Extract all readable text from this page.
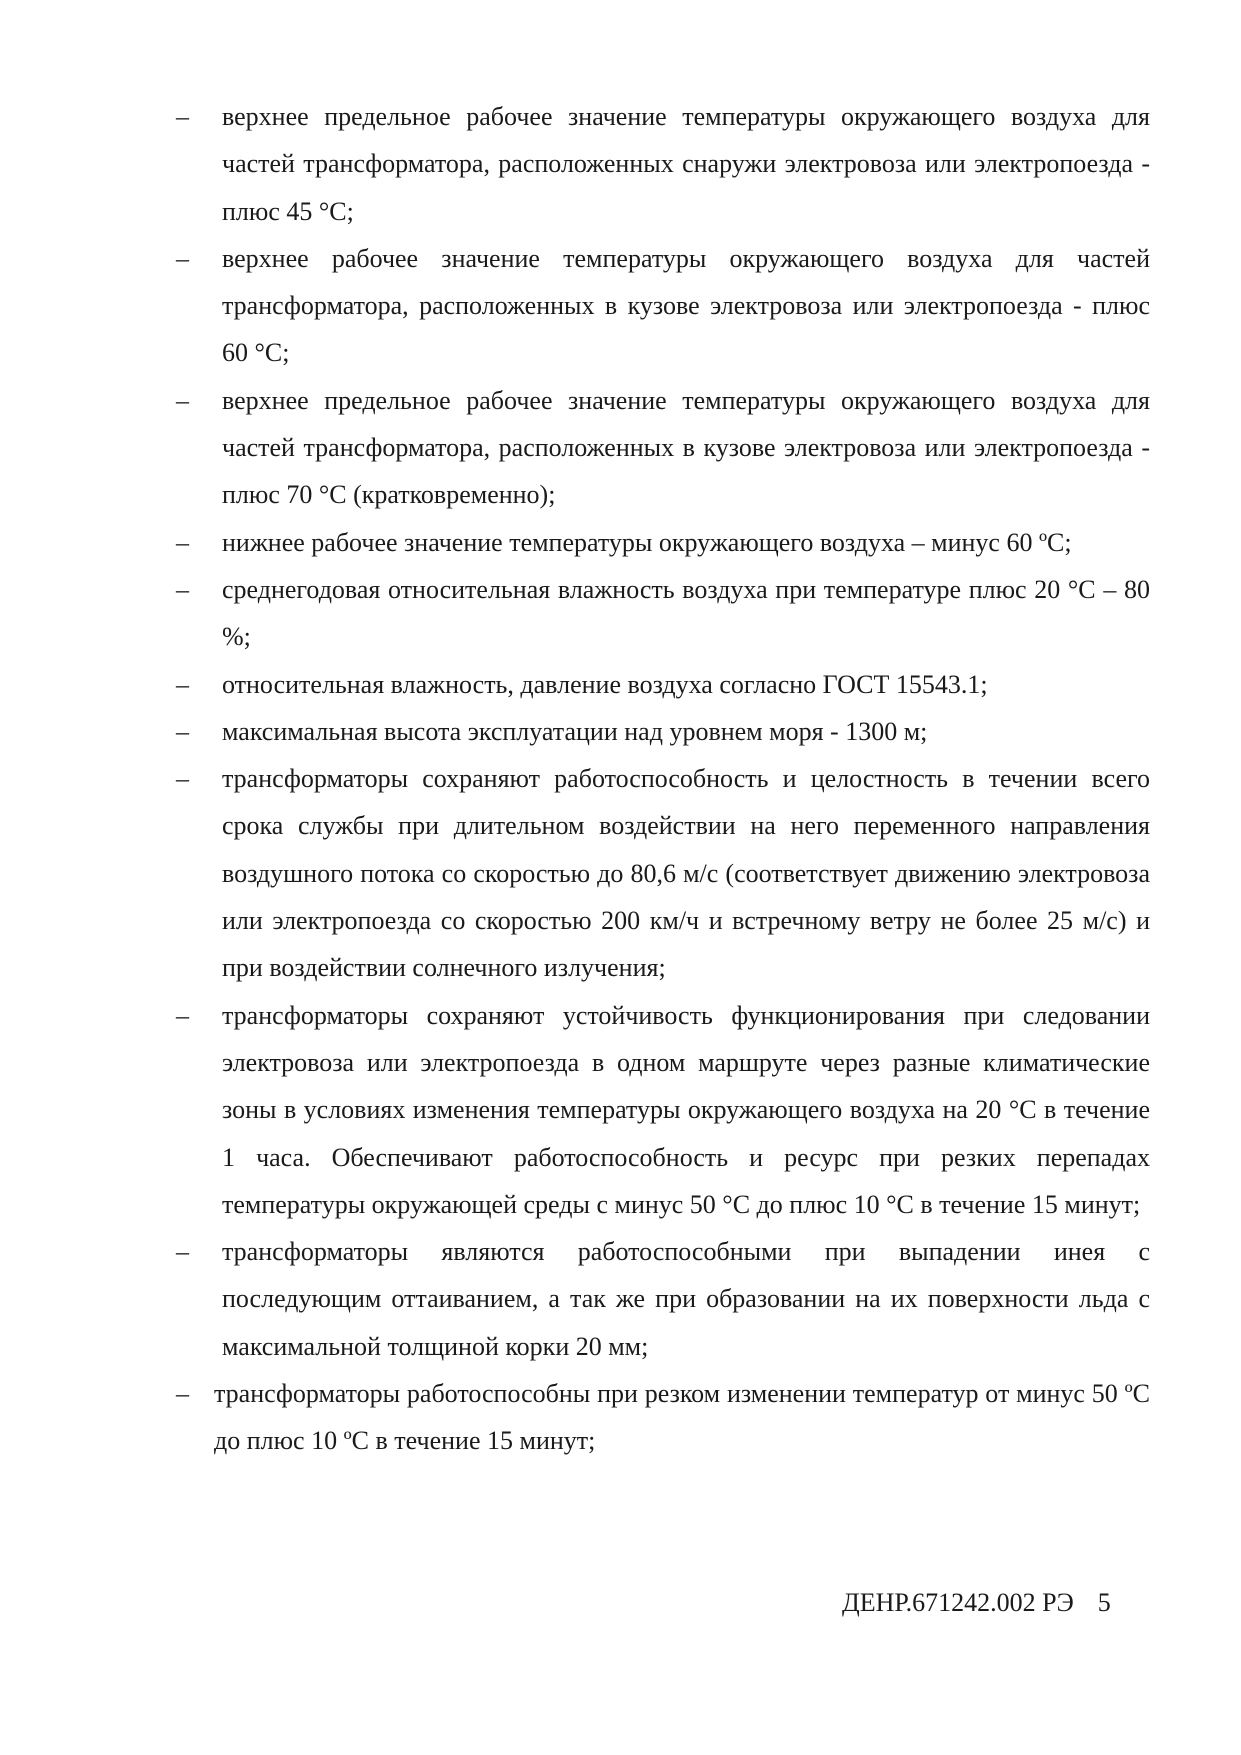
– верхнее предельное рабочее значение температуры окружающего воздуха для частей трансформатора, расположенных снаружи электровоза или электропоезда - плюс 45 °С;
– верхнее рабочее значение температуры окружающего воздуха для частей трансформатора, расположенных в кузове электровоза или электропоезда - плюс 60 °С;
– верхнее предельное рабочее значение температуры окружающего воздуха для частей трансформатора, расположенных в кузове электровоза или электропоезда - плюс 70 °С (кратковременно);
– нижнее рабочее значение температуры окружающего воздуха – минус 60 ºС;
– среднегодовая относительная влажность воздуха при температуре плюс 20 °С – 80 %;
– относительная влажность, давление воздуха согласно ГОСТ 15543.1;
– максимальная высота эксплуатации над уровнем моря - 1300 м;
– трансформаторы сохраняют работоспособность и целостность в течении всего срока службы при длительном воздействии на него переменного направления воздушного потока со скоростью до 80,6 м/с (соответствует движению электровоза или электропоезда со скоростью 200 км/ч и встречному ветру не более 25 м/с) и при воздействии солнечного излучения;
– трансформаторы сохраняют устойчивость функционирования при следовании электровоза или электропоезда в одном маршруте через разные климатические зоны в условиях изменения температуры окружающего воздуха на 20 °С в течение 1 часа. Обеспечивают работоспособность и ресурс при резких перепадах температуры окружающей среды с минус 50 °С до плюс 10 °С в течение 15 минут;
– трансформаторы являются работоспособными при выпадении инея с последующим оттаиванием, а так же при образовании на их поверхности льда с максимальной толщиной корки 20 мм;
– трансформаторы работоспособны при резком изменении температур от минус 50 ºС до плюс 10 ºС в течение 15 минут;
ДЕНР.671242.002 РЭ 5
